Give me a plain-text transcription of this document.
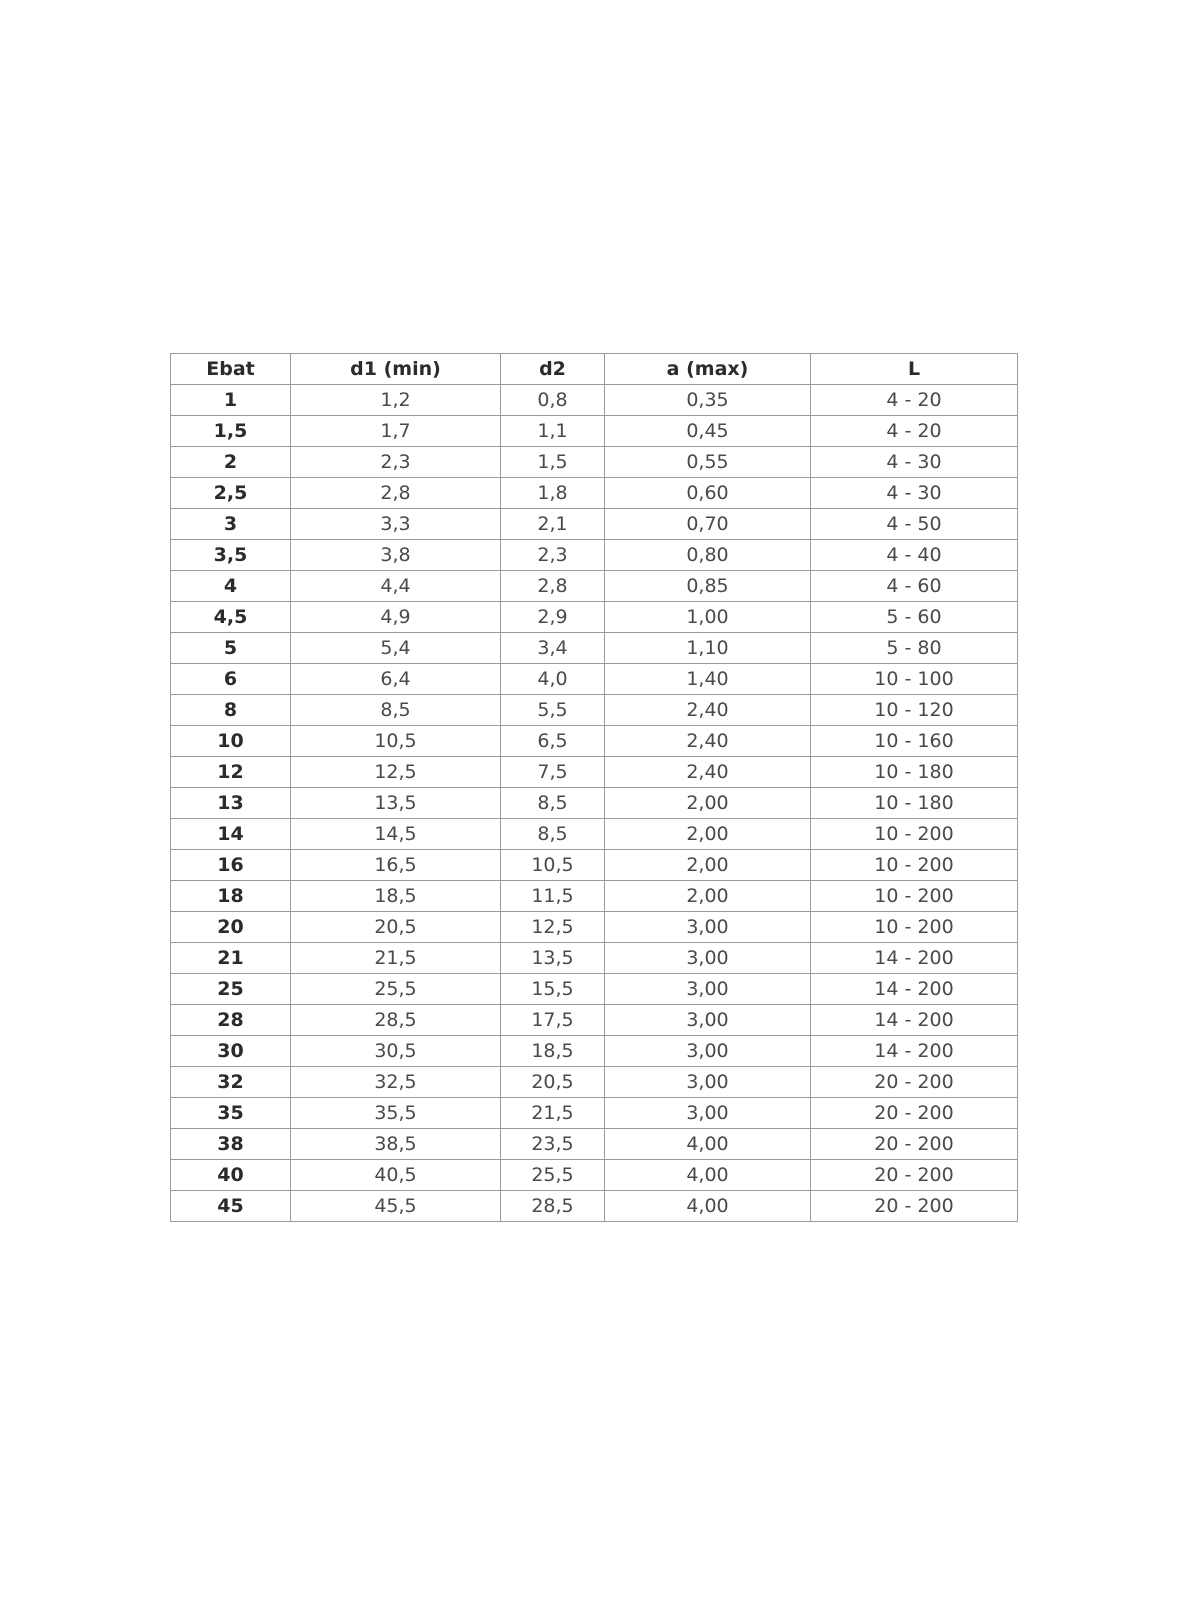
Ebat	d1 (min)	d2	a (max)	L
1	1,2	0,8	0,35	4 - 20
1,5	1,7	1,1	0,45	4 - 20
2	2,3	1,5	0,55	4 - 30
2,5	2,8	1,8	0,60	4 - 30
3	3,3	2,1	0,70	4 - 50
3,5	3,8	2,3	0,80	4 - 40
4	4,4	2,8	0,85	4 - 60
4,5	4,9	2,9	1,00	5 - 60
5	5,4	3,4	1,10	5 - 80
6	6,4	4,0	1,40	10 - 100
8	8,5	5,5	2,40	10 - 120
10	10,5	6,5	2,40	10 - 160
12	12,5	7,5	2,40	10 - 180
13	13,5	8,5	2,00	10 - 180
14	14,5	8,5	2,00	10 - 200
16	16,5	10,5	2,00	10 - 200
18	18,5	11,5	2,00	10 - 200
20	20,5	12,5	3,00	10 - 200
21	21,5	13,5	3,00	14 - 200
25	25,5	15,5	3,00	14 - 200
28	28,5	17,5	3,00	14 - 200
30	30,5	18,5	3,00	14 - 200
32	32,5	20,5	3,00	20 - 200
35	35,5	21,5	3,00	20 - 200
38	38,5	23,5	4,00	20 - 200
40	40,5	25,5	4,00	20 - 200
45	45,5	28,5	4,00	20 - 200
